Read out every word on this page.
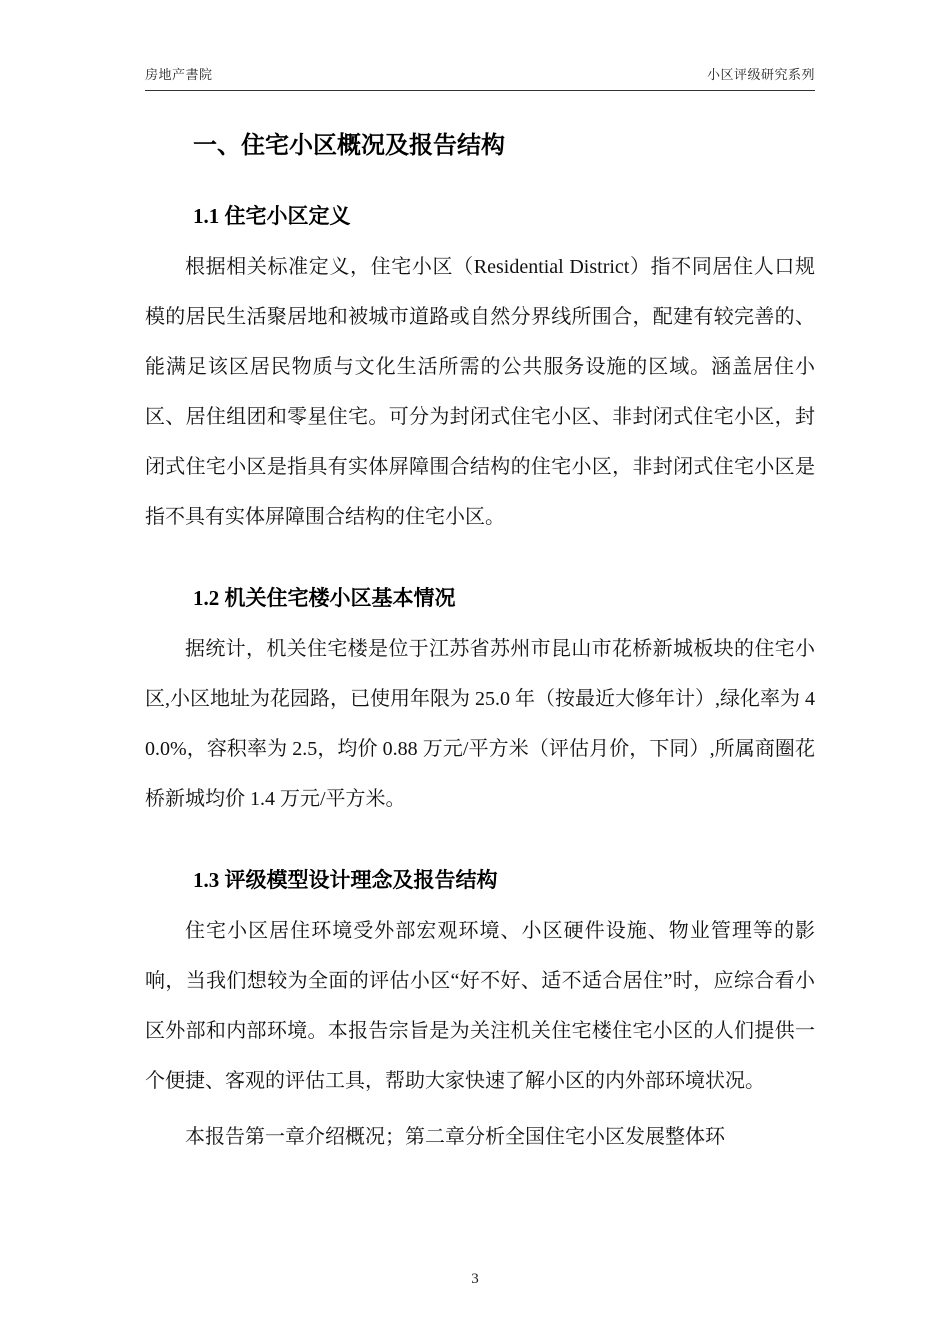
房地产書院	小区评级研究系列
一、住宅小区概况及报告结构
1.1 住宅小区定义

根据相关标准定义，住宅小区（Residential District）指不同居住人口规模的居民生活聚居地和被城市道路或自然分界线所围合，配建有较完善的、能满足该区居民物质与文化生活所需的公共服务设施的区域。涵盖居住小区、居住组团和零星住宅。可分为封闭式住宅小区、非封闭式住宅小区，封闭式住宅小区是指具有实体屏障围合结构的住宅小区，非封闭式住宅小区是指不具有实体屏障围合结构的住宅小区。

1.2 机关住宅楼小区基本情况

据统计，机关住宅楼是位于江苏省苏州市昆山市花桥新城板块的住宅小区,小区地址为花园路，已使用年限为 25.0 年（按最近大修年计）,绿化率为 40.0%，容积率为 2.5，均价 0.88 万元/平方米（评估月价，下同）,所属商圈花桥新城均价 1.4 万元/平方米。

1.3 评级模型设计理念及报告结构

住宅小区居住环境受外部宏观环境、小区硬件设施、物业管理等的影响，当我们想较为全面的评估小区“好不好、适不适合居住”时，应综合看小区外部和内部环境。本报告宗旨是为关注机关住宅楼住宅小区的人们提供一个便捷、客观的评估工具，帮助大家快速了解小区的内外部环境状况。

本报告第一章介绍概况；第二章分析全国住宅小区发展整体环

3
